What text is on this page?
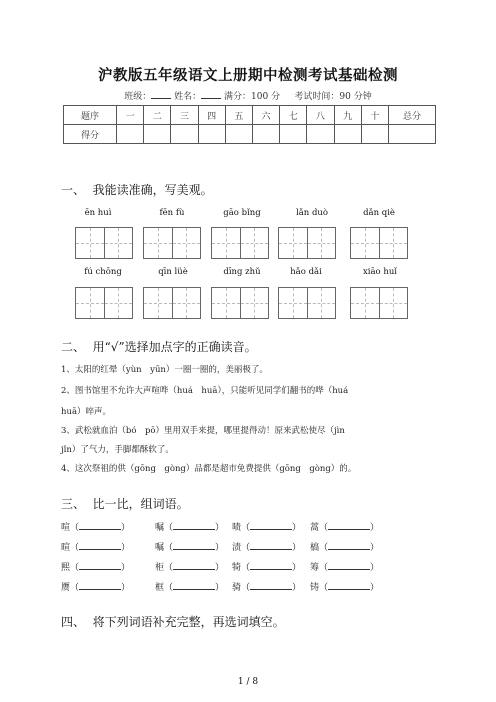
沪教版五年级语文上册期中检测考试基础检测
班级：	姓名：	满分：100 分 考试时间：90 分钟
题序	一	二	三	四	五	六	七	八	九	十	总分
得分											
一、 我能读准确，写美观。
ēn huì	fēn fù	gāo bǐng	lǎn duò	dǎn qiè
fú chōng	qīn lüè	dīng zhǔ	hǎo dǎi	xiāo huǐ
二、 用“√”选择加点字的正确读音。
1、太阳的红晕（yùn　yūn）一圈一圈的，美丽极了。
2、图书馆里不允许大声喧哗（huá　huā），只能听见同学们翻书的哗（huá
huā）啐声。
3、武松就血泊（bó　pō）里用双手来提，哪里提得动！原来武松使尽（jìn
jǐn）了气力，手脚都酥软了。
4、这次祭祖的供（gōng　gòng）品都是超市免费提供（gōng　gòng）的。
三、 比一比，组词语。
喧（	）	嘱（	） 啧（	） 蒿（	）
暄（	）	嘱（	） 渍（	） 槁（	）
熙（	）	柜（	） 犄（	） 筹（	）
赝（	）	框（	） 骑（	） 铸（	）
四、 将下列词语补充完整，再选词填空。
1 / 8
